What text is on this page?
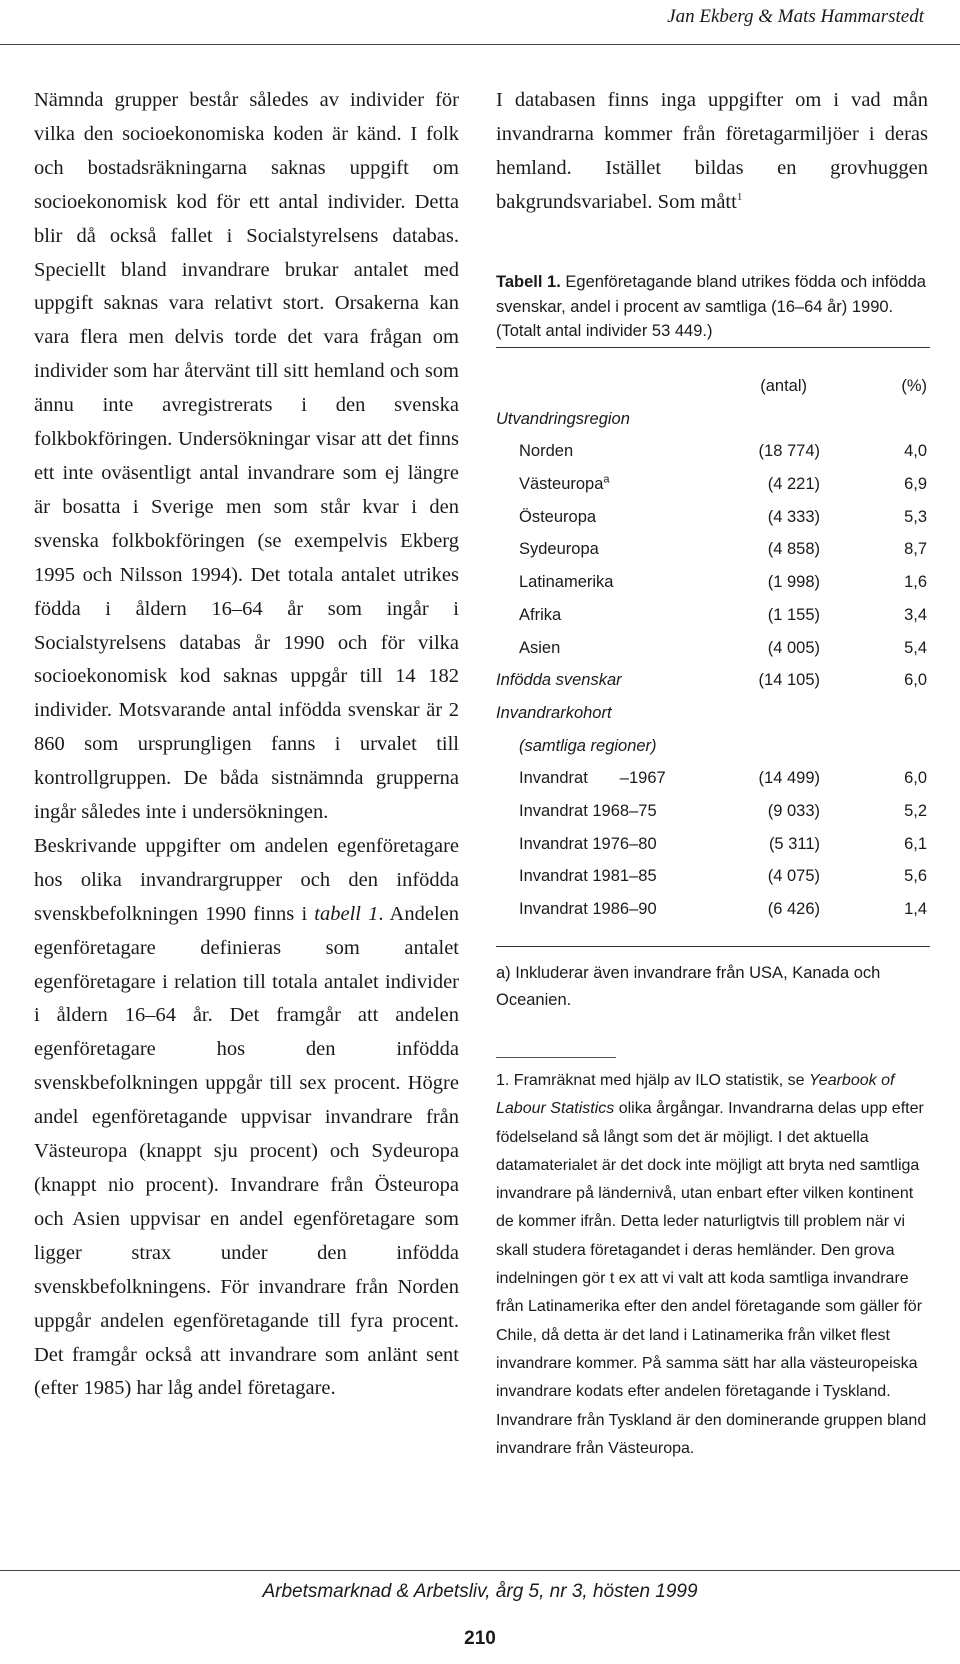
Jan Ekberg & Mats Hammarstedt

Nämnda grupper består således av individer för vilka den socioekonomiska koden är känd. I folk och bostadsräkningarna saknas uppgift om socioekonomisk kod för ett antal individer. Detta blir då också fallet i Socialstyrelsens databas. Speciellt bland invandrare brukar antalet med uppgift saknas vara relativt stort. Orsakerna kan vara flera men delvis torde det vara frågan om individer som har återvänt till sitt hemland och som ännu inte avregistrerats i den svenska folkbokföringen. Undersökningar visar att det finns ett inte oväsentligt antal invandrare som ej längre är bosatta i Sverige men som står kvar i den svenska folkbokföringen (se exempelvis Ekberg 1995 och Nilsson 1994). Det totala antalet utrikes födda i åldern 16–64 år som ingår i Socialstyrelsens databas år 1990 och för vilka socioekonomisk kod saknas uppgår till 14 182 individer. Motsvarande antal infödda svenskar är 2 860 som ursprungligen fanns i urvalet till kontrollgruppen. De båda sistnämnda grupperna ingår således inte i undersökningen.

Beskrivande uppgifter om andelen egenföretagare hos olika invandrargrupper och den infödda svenskbefolkningen 1990 finns i tabell 1. Andelen egenföretagare definieras som antalet egenföretagare i relation till totala antalet individer i åldern 16–64 år. Det framgår att andelen egenföretagare hos den infödda svenskbefolkningen uppgår till sex procent. Högre andel egenföretagande uppvisar invandrare från Västeuropa (knappt sju procent) och Sydeuropa (knappt nio procent). Invandrare från Östeuropa och Asien uppvisar en andel egenföretagare som ligger strax under den infödda svenskbefolkningens. För invandrare från Norden uppgår andelen egenföretagande till fyra procent. Det framgår också att invandrare som anlänt sent (efter 1985) har låg andel företagare.

I databasen finns inga uppgifter om i vad mån invandrarna kommer från företagarmiljöer i deras hemland. Istället bildas en grovhuggen bakgrundsvariabel. Som mått$^1$

Tabell 1. Egenföretagande bland utrikes födda och infödda svenskar, andel i procent av samtliga (16–64 år) 1990. (Totalt antal individer 53 449.)
(antal)	(%)
Utvandringsregion
Norden	(18 774)	4,0
Västeuropa$^a$	(4 221)	6,9
Östeuropa	(4 333)	5,3
Sydeuropa	(4 858)	8,7
Latinamerika	(1 998)	1,6
Afrika	(1 155)	3,4
Asien	(4 005)	5,4
Infödda svenskar	(14 105)	6,0
Invandrarkohort
(samtliga regioner)
Invandrat –1967	(14 499)	6,0
Invandrat 1968–75	(9 033)	5,2
Invandrat 1976–80	(5 311)	6,1
Invandrat 1981–85	(4 075)	5,6
Invandrat 1986–90	(6 426)	1,4
a) Inkluderar även invandrare från USA, Kanada och Oceanien.
1. Framräknat med hjälp av ILO statistik, se Yearbook of Labour Statistics olika årgångar. Invandrarna delas upp efter födelseland så långt som det är möjligt. I det aktuella datamaterialet är det dock inte möjligt att bryta ned samtliga invandrare på ländernivå, utan enbart efter vilken kontinent de kommer ifrån. Detta leder naturligtvis till problem när vi skall studera företagandet i deras hemländer. Den grova indelningen gör t ex att vi valt att koda samtliga invandrare från Latinamerika efter den andel företagande som gäller för Chile, då detta är det land i Latinamerika från vilket flest invandrare kommer. På samma sätt har alla västeuropeiska invandrare kodats efter andelen företagande i Tyskland. Invandrare från Tyskland är den dominerande gruppen bland invandrare från Västeuropa.
Arbetsmarknad & Arbetsliv, årg 5, nr 3, hösten 1999
210
